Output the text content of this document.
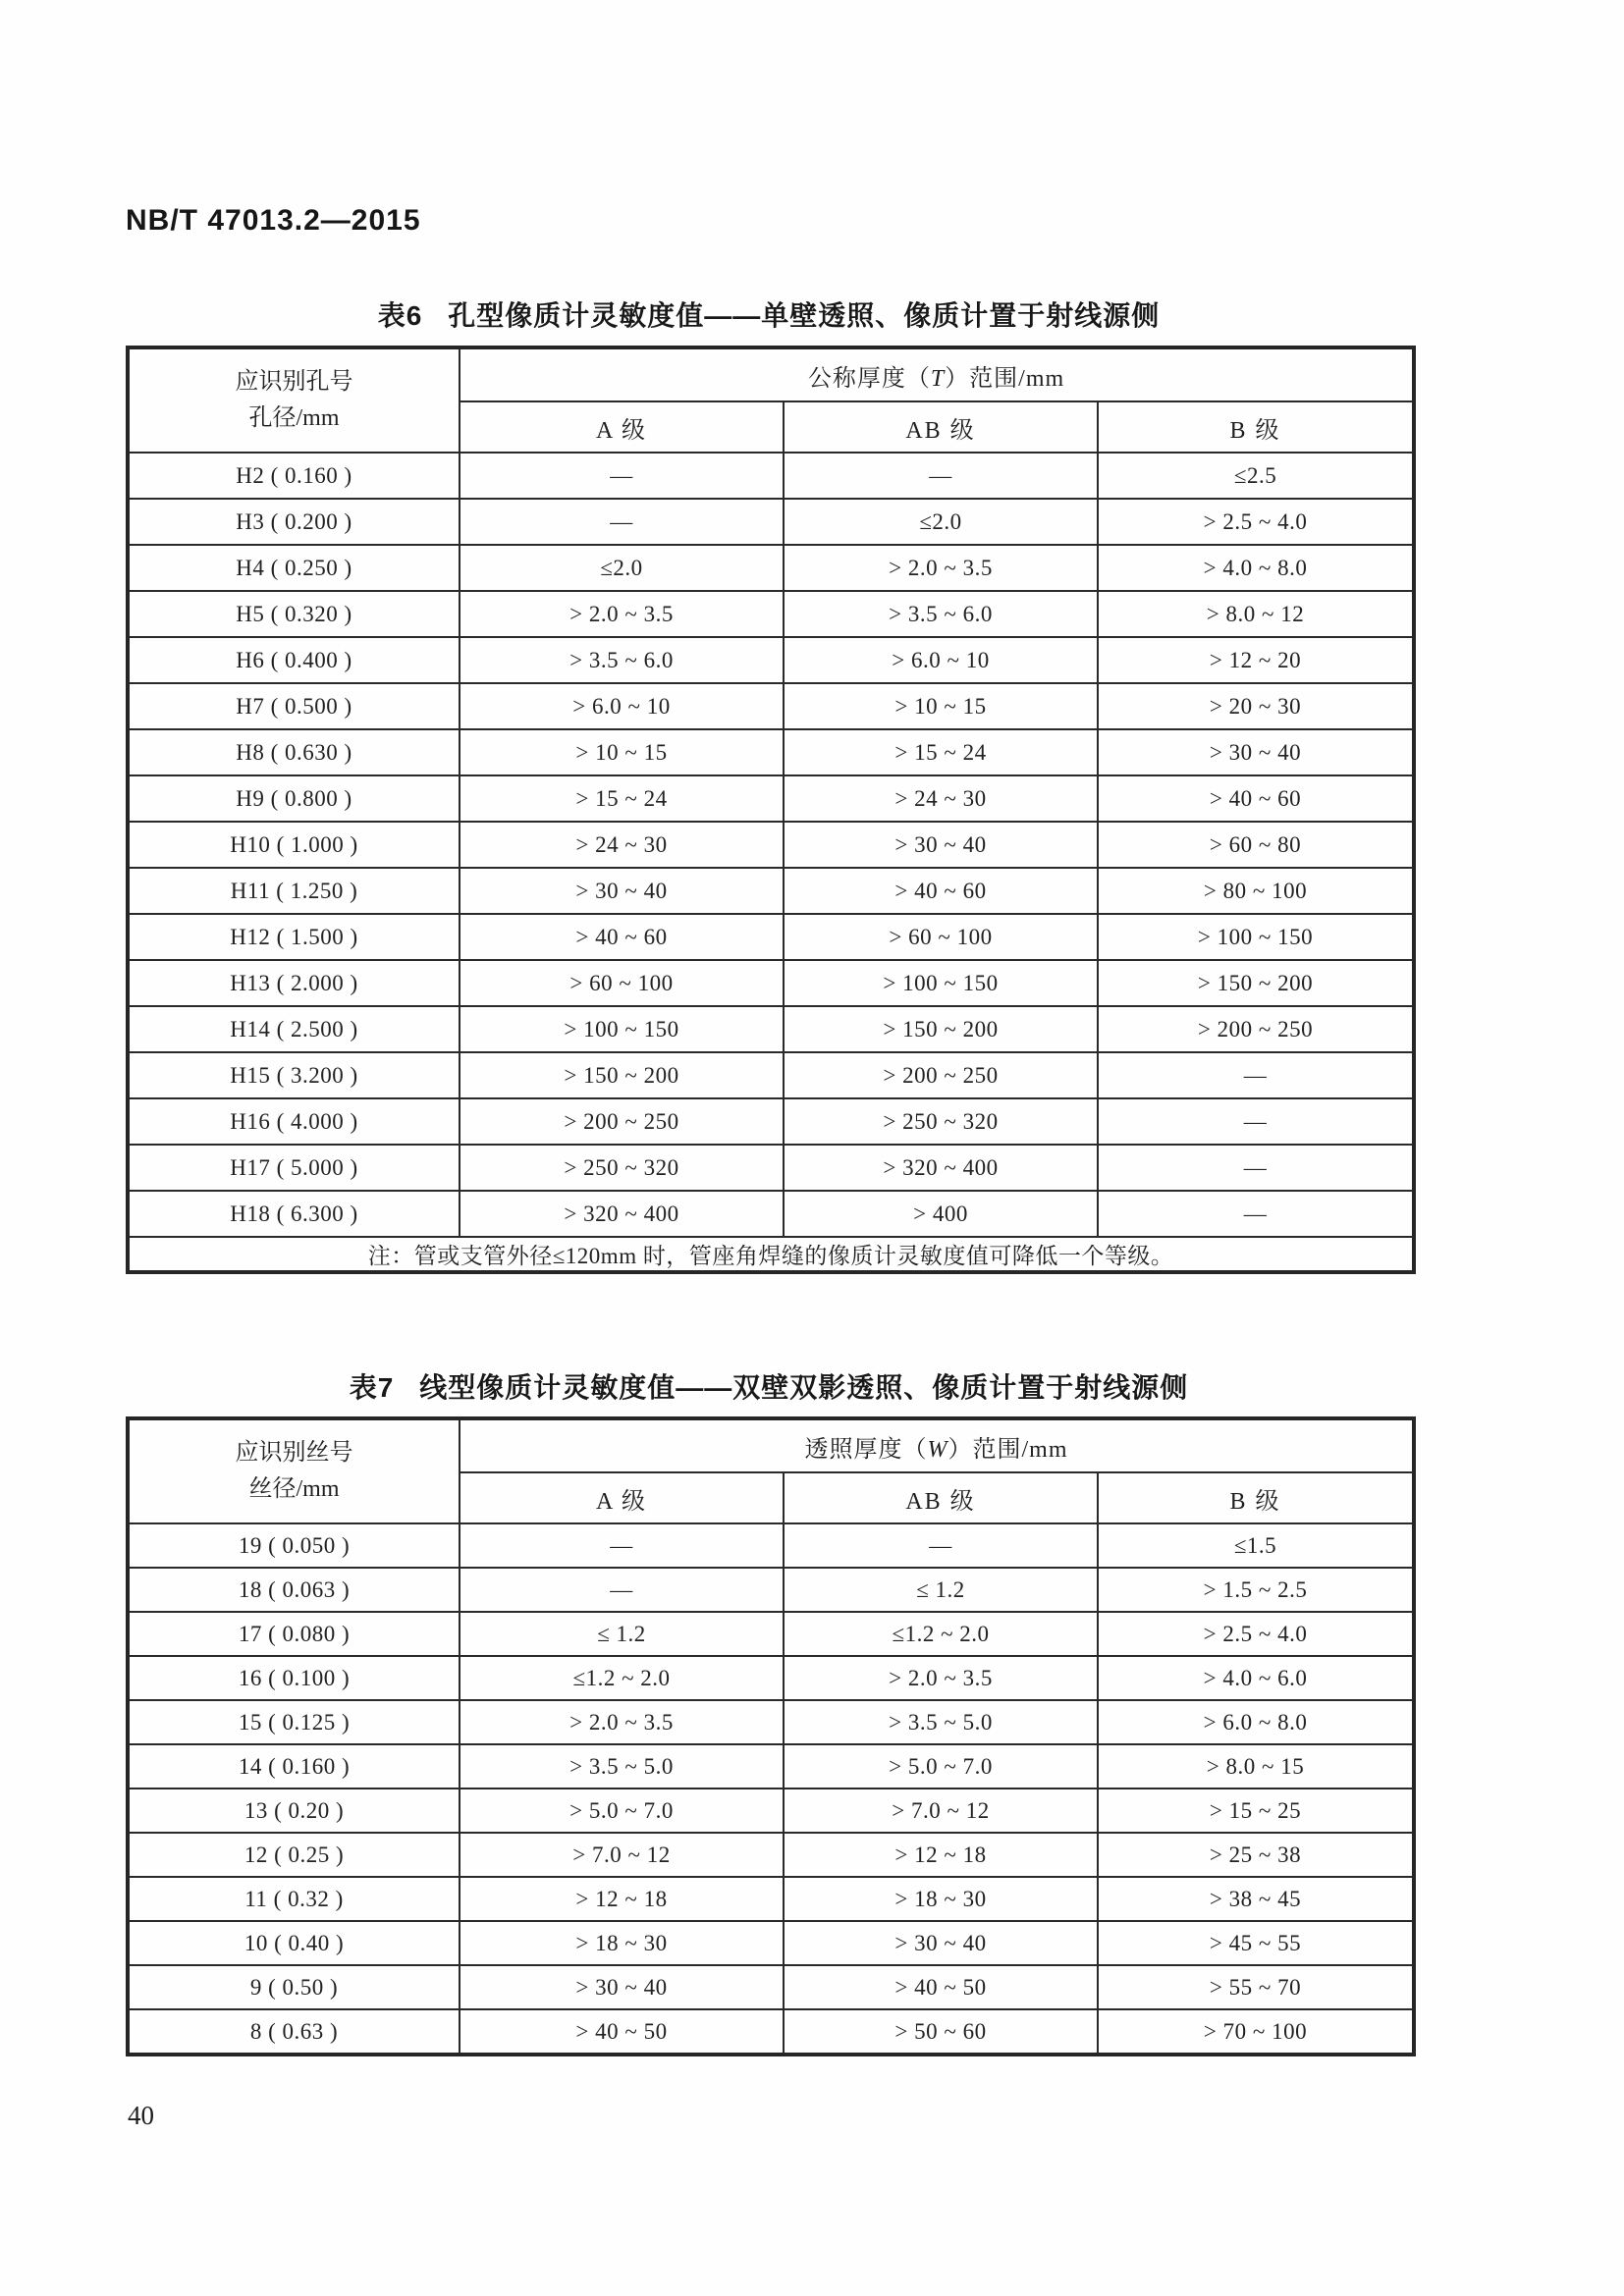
NB/T 47013.2—2015
表6 孔型像质计灵敏度值——单壁透照、像质计置于射线源侧
应识别孔号
孔径/mm	公称厚度（T）范围/mm		
	A 级	AB 级	B 级
H2 ( 0.160 )	—	—	≤2.5
H3 ( 0.200 )	—	≤2.0	> 2.5 ~ 4.0
H4 ( 0.250 )	≤2.0	> 2.0 ~ 3.5	> 4.0 ~ 8.0
H5 ( 0.320 )	> 2.0 ~ 3.5	> 3.5 ~ 6.0	> 8.0 ~ 12
H6 ( 0.400 )	> 3.5 ~ 6.0	> 6.0 ~ 10	> 12 ~ 20
H7 ( 0.500 )	> 6.0 ~ 10	> 10 ~ 15	> 20 ~ 30
H8 ( 0.630 )	> 10 ~ 15	> 15 ~ 24	> 30 ~ 40
H9 ( 0.800 )	> 15 ~ 24	> 24 ~ 30	> 40 ~ 60
H10 ( 1.000 )	> 24 ~ 30	> 30 ~ 40	> 60 ~ 80
H11 ( 1.250 )	> 30 ~ 40	> 40 ~ 60	> 80 ~ 100
H12 ( 1.500 )	> 40 ~ 60	> 60 ~ 100	> 100 ~ 150
H13 ( 2.000 )	> 60 ~ 100	> 100 ~ 150	> 150 ~ 200
H14 ( 2.500 )	> 100 ~ 150	> 150 ~ 200	> 200 ~ 250
H15 ( 3.200 )	> 150 ~ 200	> 200 ~ 250	—
H16 ( 4.000 )	> 200 ~ 250	> 250 ~ 320	—
H17 ( 5.000 )	> 250 ~ 320	> 320 ~ 400	—
H18 ( 6.300 )	> 320 ~ 400	> 400	—
注：管或支管外径≤120mm 时，管座角焊缝的像质计灵敏度值可降低一个等级。			
表7 线型像质计灵敏度值——双壁双影透照、像质计置于射线源侧
应识别丝号
丝径/mm	透照厚度（W）范围/mm		
	A 级	AB 级	B 级
19 ( 0.050 )	—	—	≤1.5
18 ( 0.063 )	—	≤ 1.2	> 1.5 ~ 2.5
17 ( 0.080 )	≤ 1.2	≤1.2 ~ 2.0	> 2.5 ~ 4.0
16 ( 0.100 )	≤1.2 ~ 2.0	> 2.0 ~ 3.5	> 4.0 ~ 6.0
15 ( 0.125 )	> 2.0 ~ 3.5	> 3.5 ~ 5.0	> 6.0 ~ 8.0
14 ( 0.160 )	> 3.5 ~ 5.0	> 5.0 ~ 7.0	> 8.0 ~ 15
13 ( 0.20 )	> 5.0 ~ 7.0	> 7.0 ~ 12	> 15 ~ 25
12 ( 0.25 )	> 7.0 ~ 12	> 12 ~ 18	> 25 ~ 38
11 ( 0.32 )	> 12 ~ 18	> 18 ~ 30	> 38 ~ 45
10 ( 0.40 )	> 18 ~ 30	> 30 ~ 40	> 45 ~ 55
9 ( 0.50 )	> 30 ~ 40	> 40 ~ 50	> 55 ~ 70
8 ( 0.63 )	> 40 ~ 50	> 50 ~ 60	> 70 ~ 100
40
